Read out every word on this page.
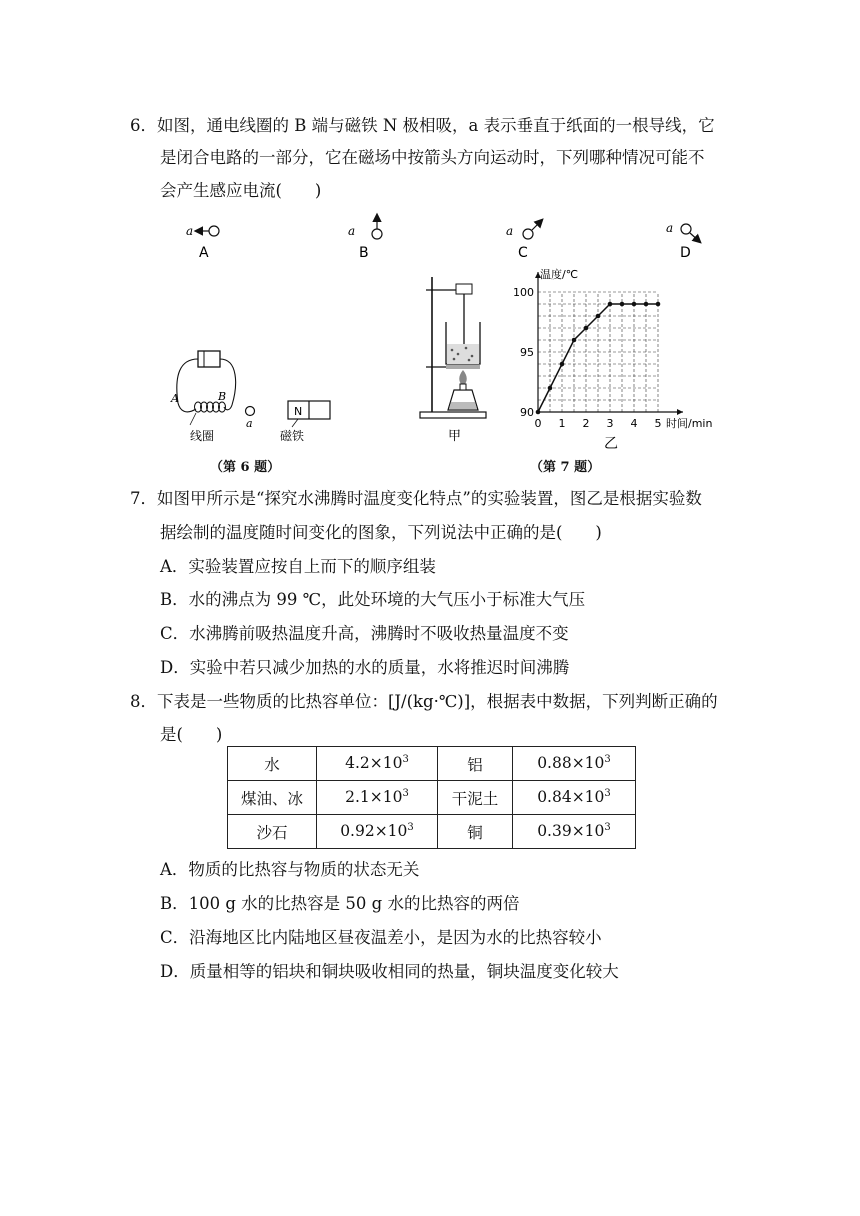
6．如图，通电线圈的 B 端与磁铁 N 极相吸，a 表示垂直于纸面的一根导线，它
是闭合电路的一部分，它在磁场中按箭头方向运动时，下列哪种情况可能不
会产生感应电流(　　)
a
A
a
B
a
C
a
D
A	B
线圈
a
N
磁铁	甲
90
95
100
0 1 2 3 4 5
温度/℃
时间/min
乙
（第 6 题）	（第 7 题）
7．如图甲所示是“探究水沸腾时温度变化特点”的实验装置，图乙是根据实验数
据绘制的温度随时间变化的图象，下列说法中正确的是(　　)
A．实验装置应按自上而下的顺序组装
B．水的沸点为 99 ℃，此处环境的大气压小于标准大气压
C．水沸腾前吸热温度升高，沸腾时不吸收热量温度不变
D．实验中若只减少加热的水的质量，水将推迟时间沸腾
8．下表是一些物质的比热容单位：[J/(kg·℃)]，根据表中数据，下列判断正确的
是(　　)
水	$4.2\times 10^3$	铝	$0.88\times 10^3$
煤油、冰	$2.1\times 10^3$	干泥土	$0.84\times 10^3$
沙石	$0.92\times 10^3$	铜	$0.39\times 10^3$
A．物质的比热容与物质的状态无关
B．100 g 水的比热容是 50 g 水的比热容的两倍
C．沿海地区比内陆地区昼夜温差小，是因为水的比热容较小
D．质量相等的铝块和铜块吸收相同的热量，铜块温度变化较大
